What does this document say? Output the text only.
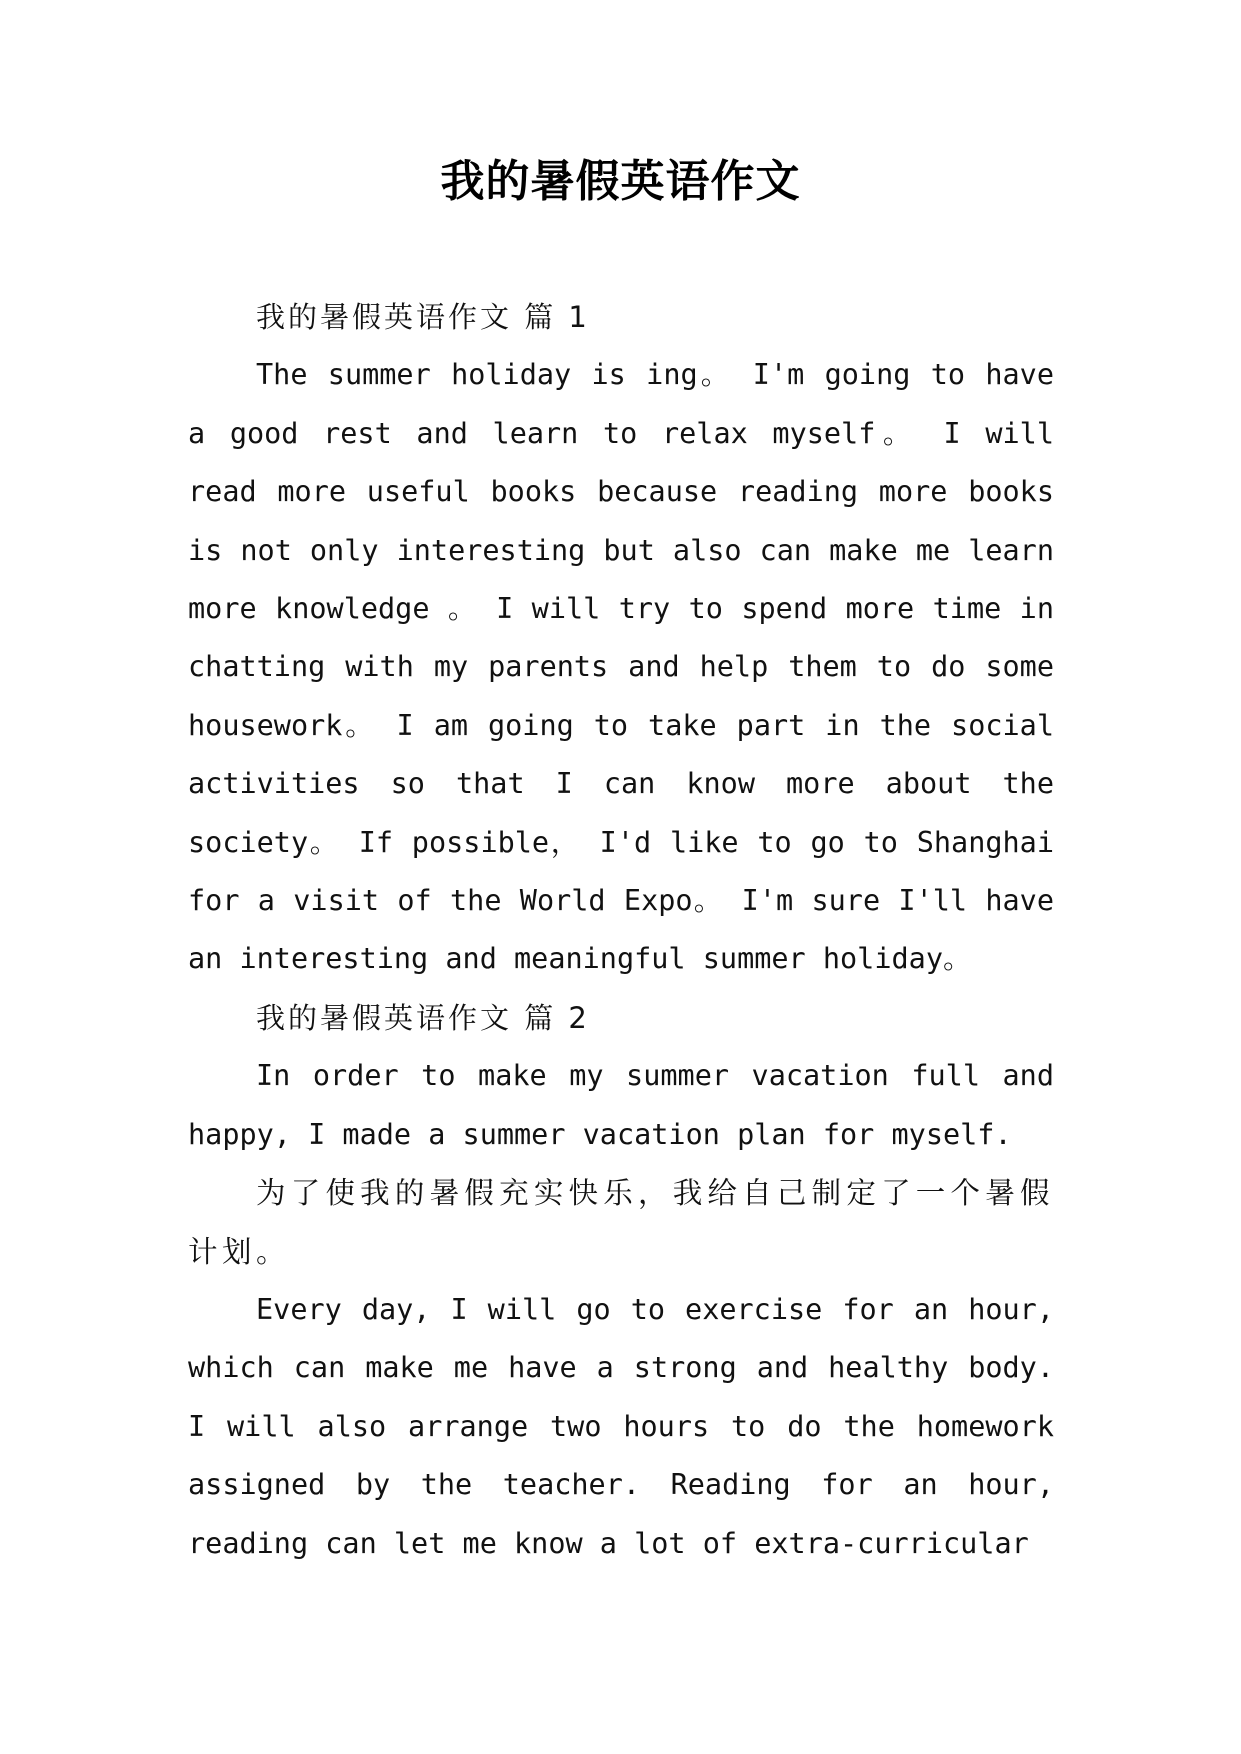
我的暑假英语作文

我的暑假英语作文 篇 1

The summer holiday is ing。 I'm going to have a good rest and learn to relax myself。 I will read more useful books because reading more books is not only interesting but also can make me learn more knowledge 。 I will try to spend more time in chatting with my parents and help them to do some housework。 I am going to take part in the social activities so that I can know more about the society。 If possible， I'd like to go to Shanghai for a visit of the World Expo。 I'm sure I'll have an interesting and meaningful summer holiday。

我的暑假英语作文 篇 2

In order to make my summer vacation full and happy, I made a summer vacation plan for myself.

为了使我的暑假充实快乐，我给自己制定了一个暑假计划。

Every day, I will go to exercise for an hour, which can make me have a strong and healthy body. I will also arrange two hours to do the homework assigned by the teacher. Reading for an hour, reading can let me know a lot of extra-curricular
